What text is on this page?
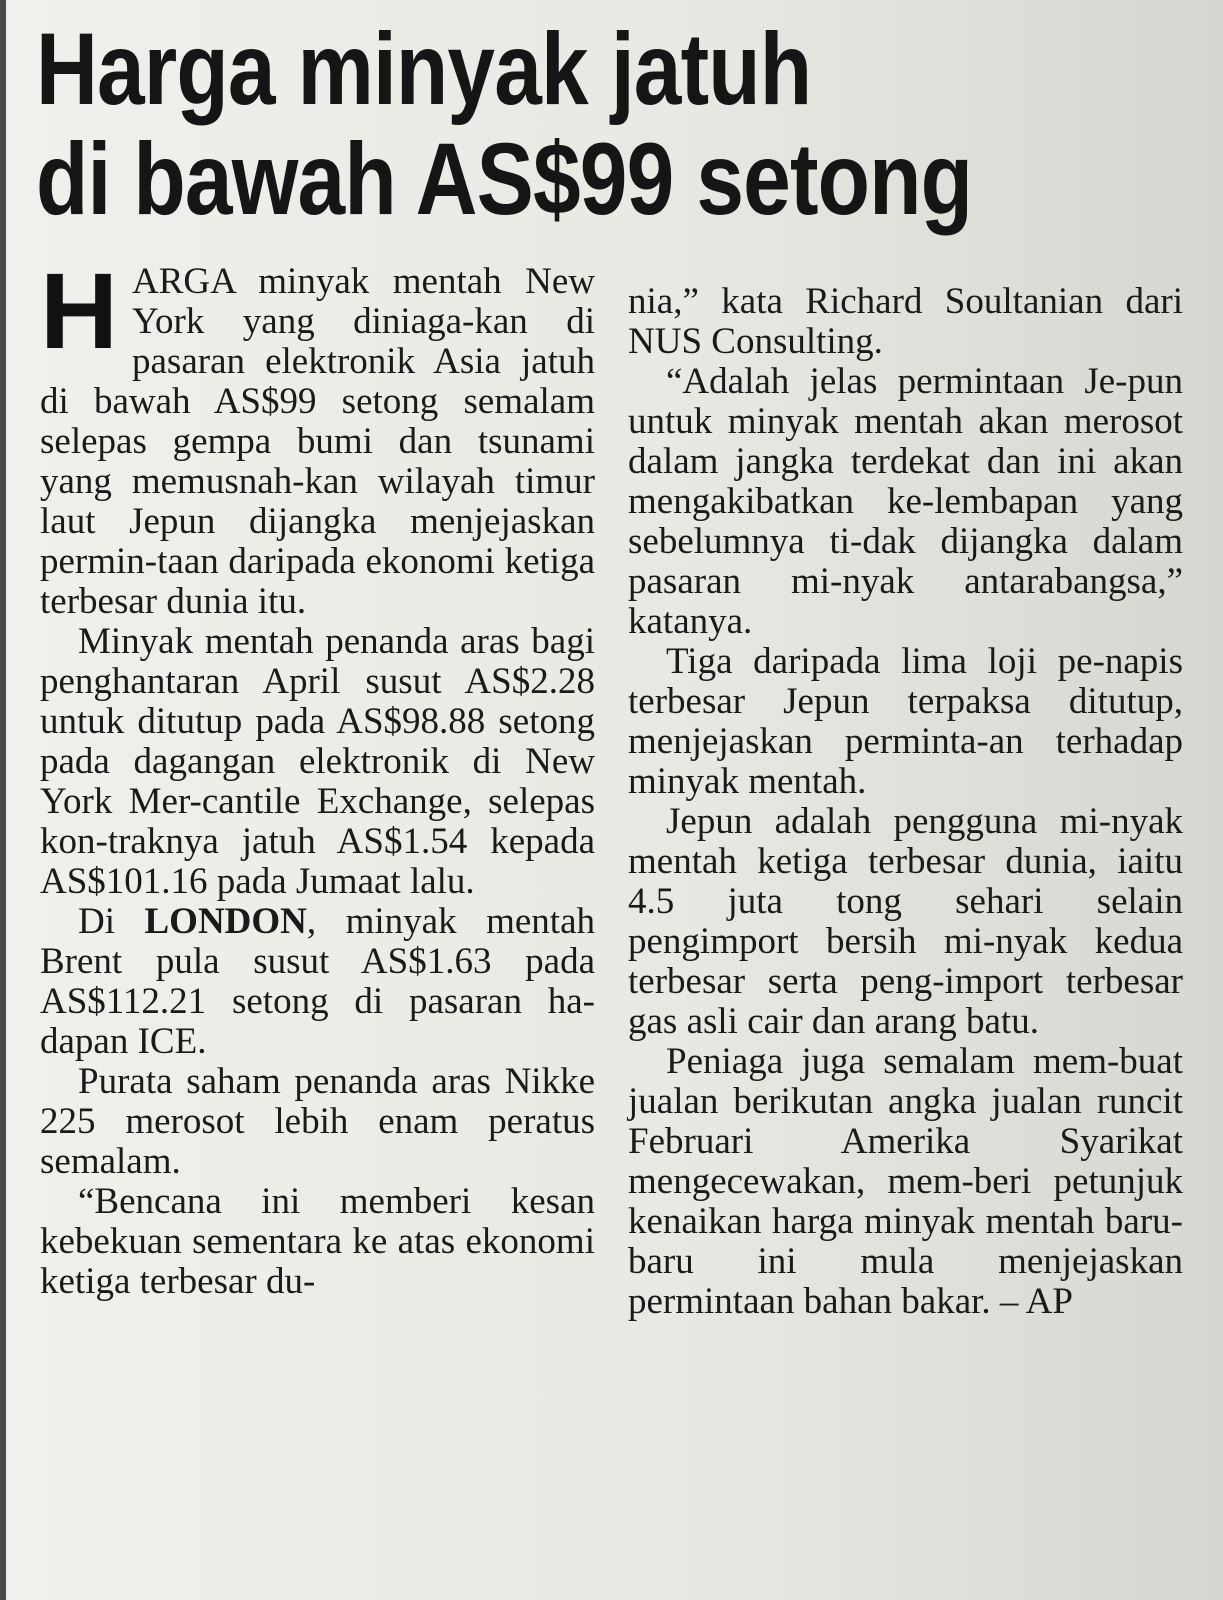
Harga minyak jatuh
di bawah AS$99 setong

HARGA minyak mentah New York yang diniaga-kan di pasaran elektronik Asia jatuh di bawah AS$99 setong semalam selepas gempa bumi dan tsunami yang memusnah-kan wilayah timur laut Jepun dijangka menjejaskan permin-taan daripada ekonomi ketiga terbesar dunia itu.

Minyak mentah penanda aras bagi penghantaran April susut AS$2.28 untuk ditutup pada AS$98.88 setong pada dagangan elektronik di New York Mer-cantile Exchange, selepas kon-traknya jatuh AS$1.54 kepada AS$101.16 pada Jumaat lalu.

Di LONDON, minyak mentah Brent pula susut AS$1.63 pada AS$112.21 setong di pasaran ha-dapan ICE.

Purata saham penanda aras Nikke 225 merosot lebih enam peratus semalam.

“Bencana ini memberi kesan kebekuan sementara ke atas ekonomi ketiga terbesar du-

nia,” kata Richard Soultanian dari NUS Consulting.

“Adalah jelas permintaan Je-pun untuk minyak mentah akan merosot dalam jangka terdekat dan ini akan mengakibatkan ke-lembapan yang sebelumnya ti-dak dijangka dalam pasaran mi-nyak antarabangsa,” katanya.

Tiga daripada lima loji pe-napis terbesar Jepun terpaksa ditutup, menjejaskan perminta-an terhadap minyak mentah.

Jepun adalah pengguna mi-nyak mentah ketiga terbesar dunia, iaitu 4.5 juta tong sehari selain pengimport bersih mi-nyak kedua terbesar serta peng-import terbesar gas asli cair dan arang batu.

Peniaga juga semalam mem-buat jualan berikutan angka jualan runcit Februari Amerika Syarikat mengecewakan, mem-beri petunjuk kenaikan harga minyak mentah baru-baru ini mula menjejaskan permintaan bahan bakar. – AP
